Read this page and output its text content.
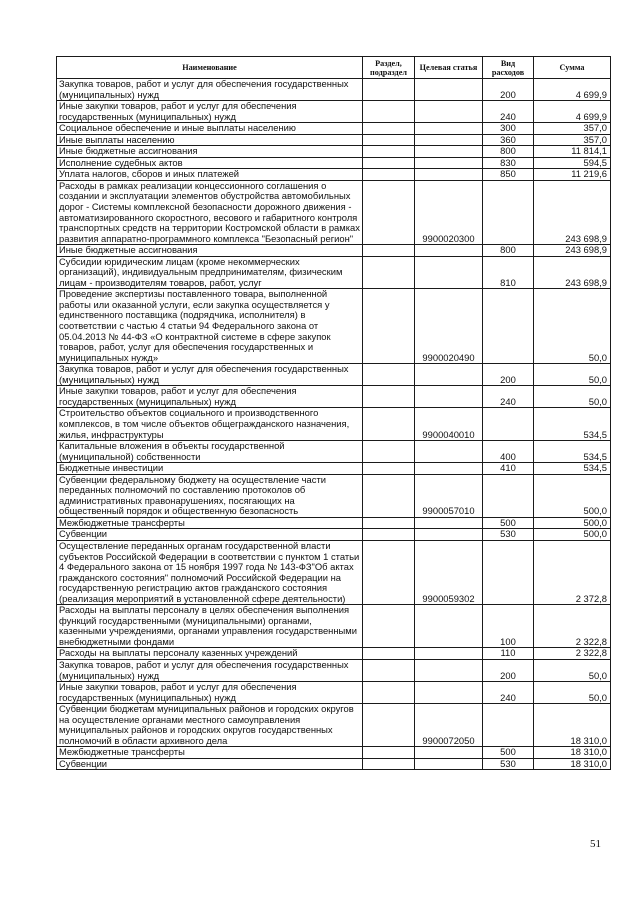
Наименование	Раздел, подраздел	Целевая статья	Вид расходов	Сумма
Закупка товаров, работ и услуг для обеспечения государственных (муниципальных) нужд			200	4 699,9
Иные закупки товаров, работ и услуг для обеспечения государственных (муниципальных) нужд			240	4 699,9
Социальное обеспечение и иные выплаты населению			300	357,0
Иные выплаты населению			360	357,0
Иные бюджетные ассигнования			800	11 814,1
Исполнение судебных актов			830	594,5
Уплата налогов, сборов и иных платежей			850	11 219,6
Расходы в рамках реализации концессионного соглашения о создании и эксплуатации элементов обустройства автомобильных дорог - Системы комплексной безопасности дорожного движения - автоматизированного скоростного, весового и габаритного контроля транспортных средств на территории Костромской области в рамках развития аппаратно-программного комплекса "Безопасный регион"		9900020300		243 698,9
Иные бюджетные ассигнования			800	243 698,9
Субсидии юридическим лицам (кроме некоммерческих организаций), индивидуальным предпринимателям, физическим лицам - производителям товаров, работ, услуг			810	243 698,9
Проведение экспертизы поставленного товара, выполненной работы или оказанной услуги, если закупка осуществляется у единственного поставщика (подрядчика, исполнителя) в соответствии с частью 4 статьи 94 Федерального закона от 05.04.2013 № 44-ФЗ «О контрактной системе в сфере закупок товаров, работ, услуг для обеспечения государственных и муниципальных нужд»		9900020490		50,0
Закупка товаров, работ и услуг для обеспечения государственных (муниципальных) нужд			200	50,0
Иные закупки товаров, работ и услуг для обеспечения государственных (муниципальных) нужд			240	50,0
Строительство объектов социального и производственного комплексов, в том числе объектов общегражданского назначения, жилья, инфраструктуры		9900040010		534,5
Капитальные вложения в объекты государственной (муниципальной) собственности			400	534,5
Бюджетные инвестиции			410	534,5
Субвенции федеральному бюджету на осуществление части переданных полномочий по составлению протоколов об административных правонарушениях, посягающих на общественный порядок и общественную безопасность		9900057010		500,0
Межбюджетные трансферты			500	500,0
Субвенции			530	500,0
Осуществление переданных органам государственной власти субъектов Российской Федерации в соответствии с пунктом 1 статьи 4 Федерального закона от 15 ноября 1997 года № 143-ФЗ"Об актах гражданского состояния" полномочий Российской Федерации на государственную регистрацию актов гражданского состояния (реализация мероприятий в установленной сфере деятельности)		9900059302		2 372,8
Расходы на выплаты персоналу в целях обеспечения выполнения функций государственными (муниципальными) органами, казенными учреждениями, органами управления государственными внебюджетными фондами			100	2 322,8
Расходы на выплаты персоналу казенных учреждений			110	2 322,8
Закупка товаров, работ и услуг для обеспечения государственных (муниципальных) нужд			200	50,0
Иные закупки товаров, работ и услуг для обеспечения государственных (муниципальных) нужд			240	50,0
Субвенции бюджетам муниципальных районов и городских округов на осуществление органами местного самоуправления муниципальных районов и городских округов государственных полномочий в области архивного дела		9900072050		18 310,0
Межбюджетные трансферты			500	18 310,0
Субвенции			530	18 310,0
51
